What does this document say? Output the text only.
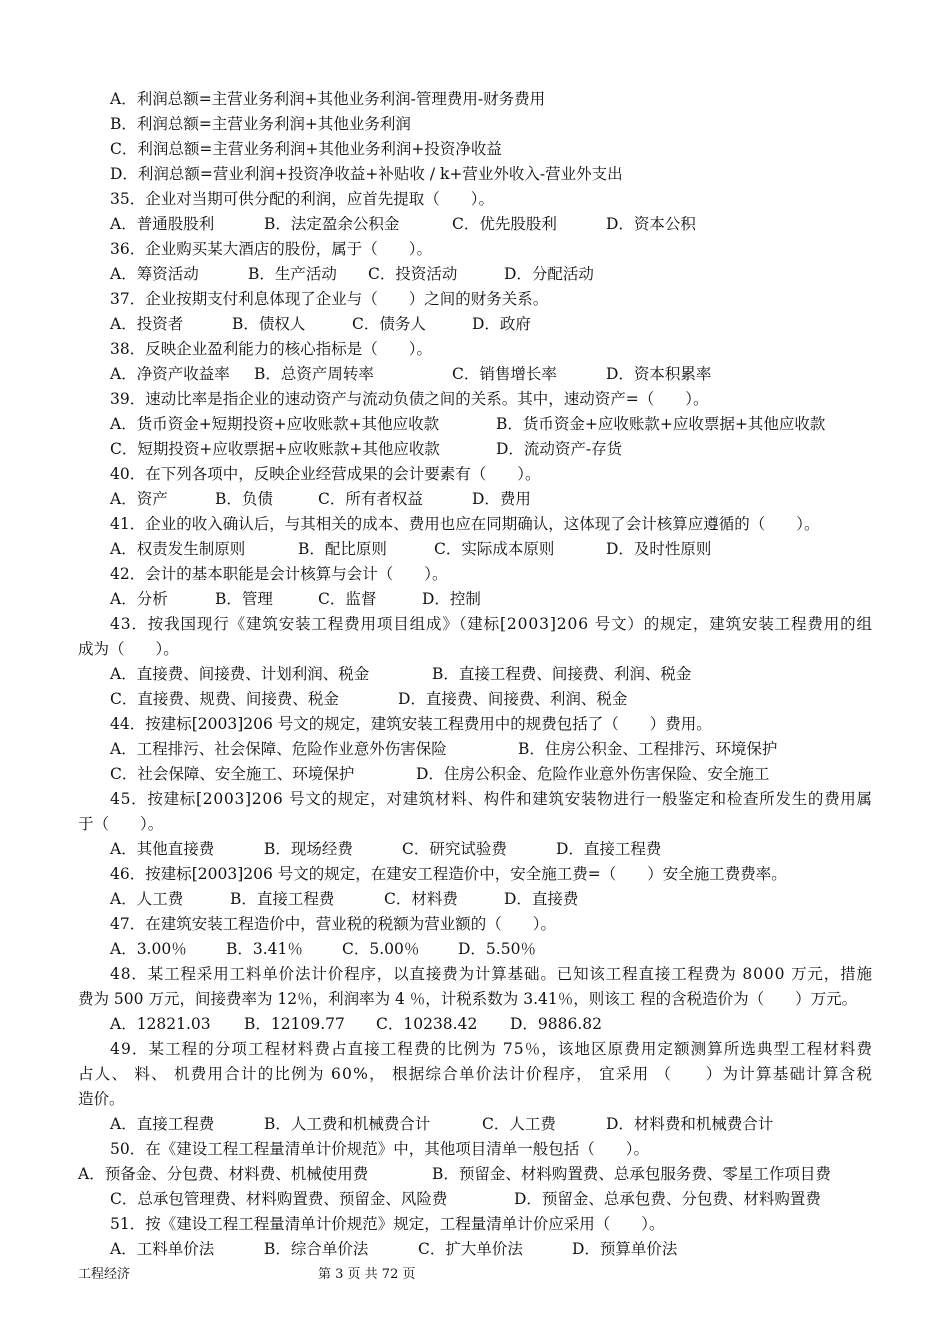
A．利润总额=主营业务利润+其他业务利润-管理费用-财务费用
B．利润总额=主营业务利润+其他业务利润
C．利润总额=主营业务利润+其他业务利润+投资净收益
D．利润总额=营业利润+投资净收益+补贴收 / k+营业外收入-营业外支出
35．企业对当期可供分配的利润，应首先提取（　　）。
A．普通股股利	B．法定盈余公积金	C．优先股股利	D．资本公积
36．企业购买某大酒店的股份，属于（　　）。
A．筹资活动	B．生产活动 C．投资活动	D．分配活动
37．企业按期支付利息体现了企业与（　　）之间的财务关系。
A．投资者	B．债权人	C．债务人	D．政府
38．反映企业盈利能力的核心指标是（　　）。
A．净资产收益率 B．总资产周转率	C．销售增长率	D．资本积累率
39．速动比率是指企业的速动资产与流动负债之间的关系。其中，速动资产=（　　）。
A．货币资金+短期投资+应收账款+其他应收款	B．货币资金+应收账款+应收票据+其他应收款
C．短期投资+应收票据+应收账款+其他应收款	D．流动资产-存货
40．在下列各项中，反映企业经营成果的会计要素有（　　）。
A．资产	B．负债	C．所有者权益	D．费用
41．企业的收入确认后，与其相关的成本、费用也应在同期确认，这体现了会计核算应遵循的（　　）。
A．权责发生制原则	B．配比原则	C．实际成本原则	D．及时性原则
42．会计的基本职能是会计核算与会计（　　）。
A．分析	B．管理	C．监督	D．控制
43．按我国现行《建筑安装工程费用项目组成》（建标[2003]206 号文）的规定，建筑安装工程费用的组
成为（　　）。
A．直接费、间接费、计划利润、税金	B．直接工程费、间接费、利润、税金
C．直接费、规费、间接费、税金	D．直接费、间接费、利润、税金
44．按建标[2003]206 号文的规定，建筑安装工程费用中的规费包括了（　　）费用。
A．工程排污、社会保障、危险作业意外伤害保险	B．住房公积金、工程排污、环境保护
C．社会保障、安全施工、环境保护	D．住房公积金、危险作业意外伤害保险、安全施工
45．按建标[2003]206 号文的规定，对建筑材料、构件和建筑安装物进行一般鉴定和检查所发生的费用属
于（　　）。
A．其他直接费	B．现场经费	C．研究试验费	D．直接工程费
46．按建标[2003]206 号文的规定，在建安工程造价中，安全施工费=（　　）安全施工费费率。
A．人工费	B．直接工程费	C．材料费	D．直接费
47．在建筑安装工程造价中，营业税的税额为营业额的（　　）。
A．3.00％	B．3.41％	C．5.00％ D．5.50％
48．某工程采用工料单价法计价程序，以直接费为计算基础。已知该工程直接工程费为 8000 万元，措施
费为 500 万元，间接费率为 12％，利润率为 4 ％，计税系数为 3.41％，则该工 程的含税造价为（　　）万元。
A．12821.03 B．12109.77 C．10238.42 D．9886.82
49．某工程的分项工程材料费占直接工程费的比例为 75％，该地区原费用定额测算所选典型工程材料费
占人、 料、 机费用合计的比例为 60%， 根据综合单价法计价程序， 宜采用 （　　）为计算基础计算含税
造价。
A．直接工程费	B．人工费和机械费合计	C．人工费	D．材料费和机械费合计
50．在《建设工程工程量清单计价规范》中，其他项目清单一般包括（　　）。
A．预备金、分包费、材料费、机械使用费	B．预留金、材料购置费、总承包服务费、零星工作项目费
C．总承包管理费、材料购置费、预留金、风险费	D．预留金、总承包费、分包费、材料购置费
51．按《建设工程工程量清单计价规范》规定，工程量清单计价应采用（　　）。
A．工料单价法	B．综合单价法	C．扩大单价法	D．预算单价法
工程经济	第 3 页 共 72 页
